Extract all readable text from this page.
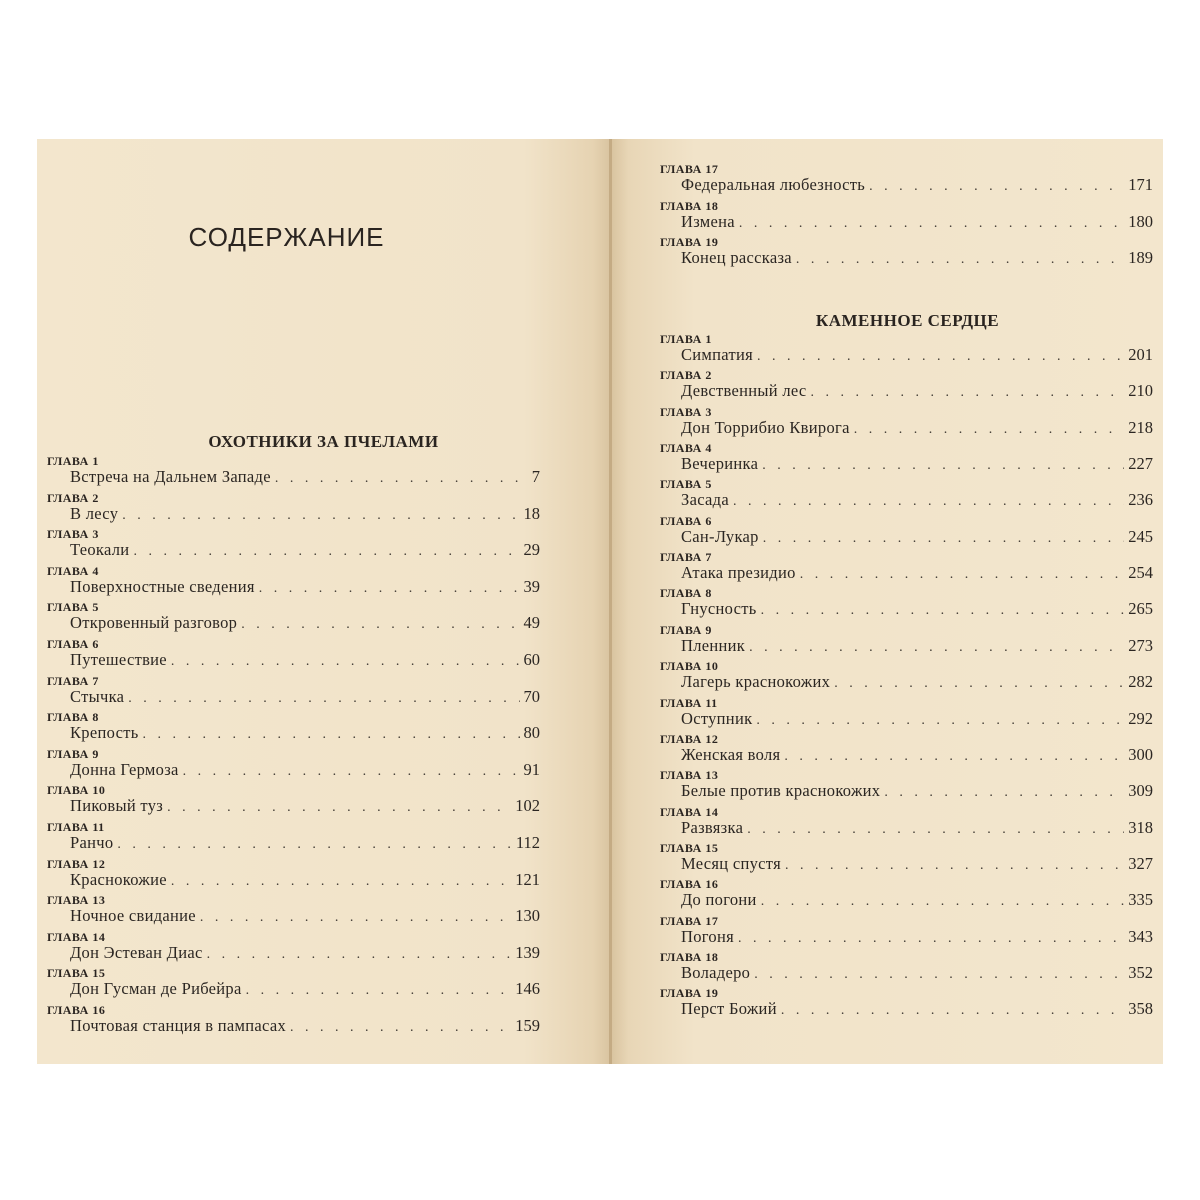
СОДЕРЖАНИЕ
ОХОТНИКИ ЗА ПЧЕЛАМИ
КАМЕННОЕ СЕРДЦЕ
ГЛАВА 1
Встреча на Дальнем Западе . . .	7
ГЛАВА 2
В лесу . . .	18
ГЛАВА 3
Теокали . . .	29
ГЛАВА 4
Поверхностные сведения . . .	39
ГЛАВА 5
Откровенный разговор . . .	49
ГЛАВА 6
Путешествие . . .	60
ГЛАВА 7
Стычка . . .	70
ГЛАВА 8
Крепость . . .	80
ГЛАВА 9
Донна Гермоза . . .	91
ГЛАВА 10
Пиковый туз . . .	102
ГЛАВА 11
Ранчо . . .	112
ГЛАВА 12
Краснокожие . . .	121
ГЛАВА 13
Ночное свидание . . .	130
ГЛАВА 14
Дон Эстеван Диас . . .	139
ГЛАВА 15
Дон Гусман де Рибейра . . .	146
ГЛАВА 16
Почтовая станция в пампасах . . .	159
ГЛАВА 17
Федеральная любезность . . .	171
ГЛАВА 18
Измена . . .	180
ГЛАВА 19
Конец рассказа . . .	189
ГЛАВА 1
Симпатия . . .	201
ГЛАВА 2
Девственный лес . . .	210
ГЛАВА 3
Дон Торрибио Квирога . . .	218
ГЛАВА 4
Вечеринка . . .	227
ГЛАВА 5
Засада . . .	236
ГЛАВА 6
Сан-Лукар . . .	245
ГЛАВА 7
Атака президио . . .	254
ГЛАВА 8
Гнусность . . .	265
ГЛАВА 9
Пленник . . .	273
ГЛАВА 10
Лагерь краснокожих . . .	282
ГЛАВА 11
Оступник . . .	292
ГЛАВА 12
Женская воля . . .	300
ГЛАВА 13
Белые против краснокожих . . .	309
ГЛАВА 14
Развязка . . .	318
ГЛАВА 15
Месяц спустя . . .	327
ГЛАВА 16
До погони . . .	335
ГЛАВА 17
Погоня . . .	343
ГЛАВА 18
Воладеро . . .	352
ГЛАВА 19
Перст Божий . . .	358
